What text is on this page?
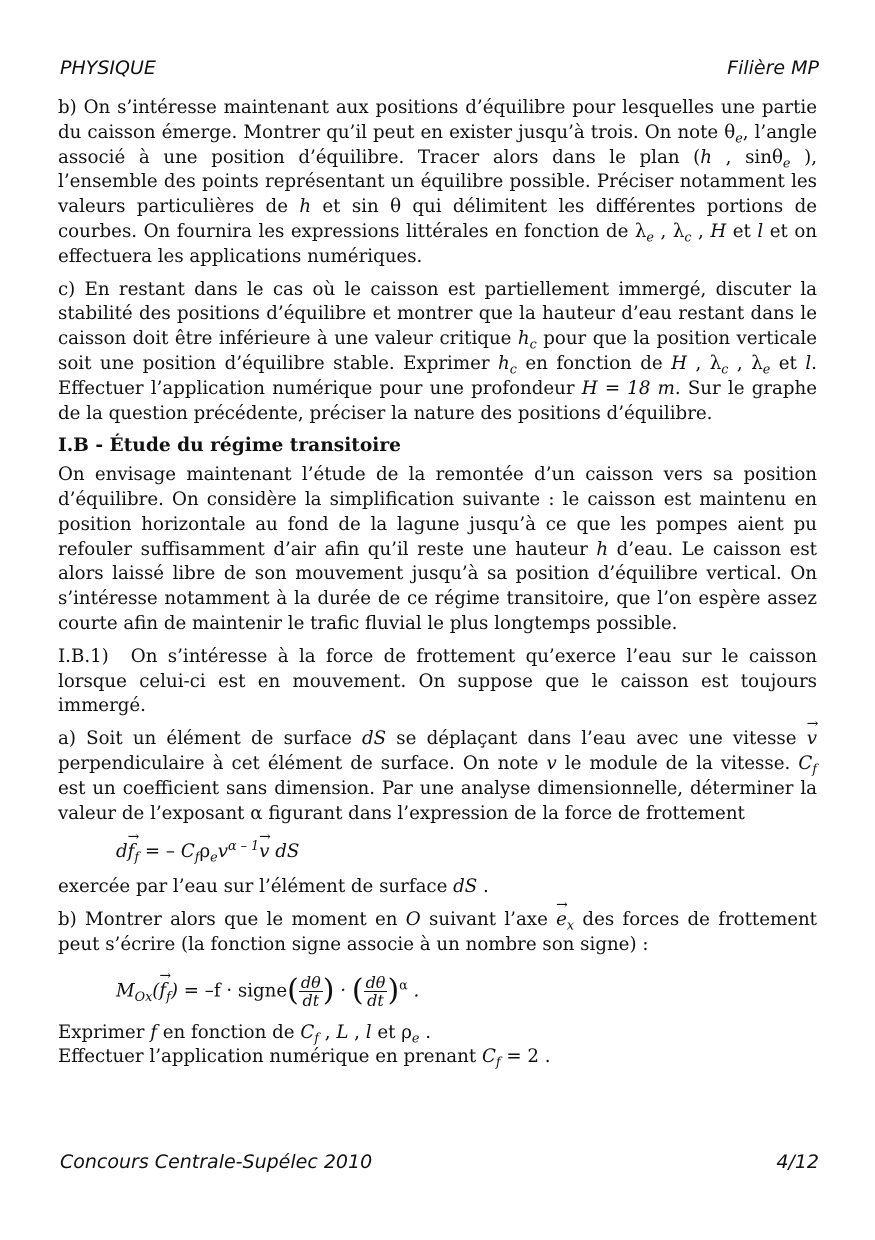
PHYSIQUE	Filière MP

b) On s’intéresse maintenant aux positions d’équilibre pour lesquelles une partie du caisson émerge. Montrer qu’il peut en exister jusqu’à trois. On note $\theta_e$, l’angle associé à une position d’équilibre. Tracer alors dans le plan (h , sinθ$_e$ ), l’ensemble des points représentant un équilibre possible. Préciser notamment les valeurs particulières de h et sin θ qui délimitent les différentes portions de courbes. On fournira les expressions littérales en fonction de $\lambda_e$ , $\lambda_c$ , H et l et on effectuera les applications numériques.

c) En restant dans le cas où le caisson est partiellement immergé, discuter la stabilité des positions d’équilibre et montrer que la hauteur d’eau restant dans le caisson doit être inférieure à une valeur critique $h_c$ pour que la position verticale soit une position d’équilibre stable. Exprimer $h_c$ en fonction de H , $\lambda_c$ , $\lambda_e$ et l. Effectuer l’application numérique pour une profondeur H = 18 m. Sur le graphe de la question précédente, préciser la nature des positions d’équilibre.

I.B - Étude du régime transitoire

On envisage maintenant l’étude de la remontée d’un caisson vers sa position d’équilibre. On considère la simplification suivante : le caisson est maintenu en position horizontale au fond de la lagune jusqu’à ce que les pompes aient pu refouler suffisamment d’air afin qu’il reste une hauteur h d’eau. Le caisson est alors laissé libre de son mouvement jusqu’à sa position d’équilibre vertical. On s’intéresse notamment à la durée de ce régime transitoire, que l’on espère assez courte afin de maintenir le trafic fluvial le plus longtemps possible.

I.B.1) On s’intéresse à la force de frottement qu’exerce l’eau sur le caisson lorsque celui-ci est en mouvement. On suppose que le caisson est toujours immergé.

a) Soit un élément de surface dS se déplaçant dans l’eau avec une vitesse → v perpendiculaire à cet élément de surface. On note v le module de la vitesse. $C_f$ est un coefficient sans dimension. Par une analyse dimensionnelle, déterminer la valeur de l’exposant α figurant dans l’expression de la force de frottement

$d\to f_f$ = – $C_f\rho_ev^{\alpha - 1}\to v$ dS

exercée par l’eau sur l’élément de surface dS .

b) Montrer alors que le moment en O suivant l’axe → $e_x$ des forces de frottement peut s’écrire (la fonction signe associe à un nombre son signe) :

$M_{Ox}(\to f_f) = -f$ · signe( $\frac{d\theta}{dt}$ ) · ( $\frac{d\theta}{dt} )^\alpha$ .

Exprimer f en fonction de $C_f$ , L , l et $\rho_e$ .

Effectuer l’application numérique en prenant $C_f = 2$ .

Concours Centrale-Supélec 2010	4/12
